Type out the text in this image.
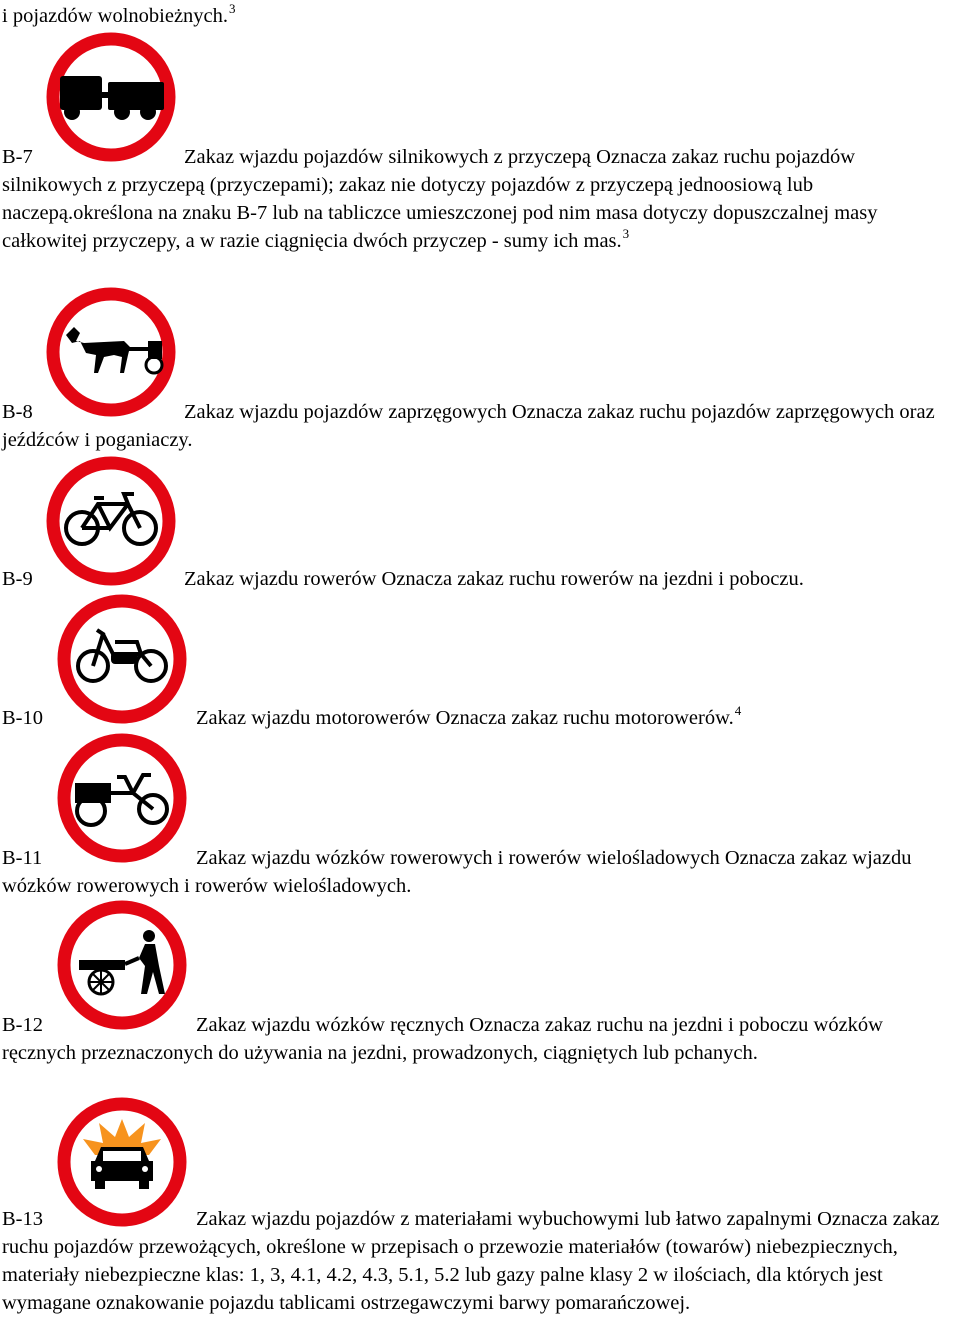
i pojazdów wolnobieżnych.$^3$
B-7	Zakaz wjazdu pojazdów silnikowych z przyczepą Oznacza zakaz ruchu pojazdów silnikowych z przyczepą (przyczepami); zakaz nie dotyczy pojazdów z przyczepą jednoosiową lub naczepą.określona na znaku B-7 lub na tabliczce umieszczonej pod nim masa dotyczy dopuszczalnej masy całkowitej przyczepy, a w razie ciągnięcia dwóch przyczep - sumy ich mas.$^3$
B-8	Zakaz wjazdu pojazdów zaprzęgowych Oznacza zakaz ruchu pojazdów zaprzęgowych oraz jeźdźców i poganiaczy.
B-9	Zakaz wjazdu rowerów Oznacza zakaz ruchu rowerów na jezdni i poboczu.
B-10	Zakaz wjazdu motorowerów Oznacza zakaz ruchu motorowerów.$^4$
B-11	Zakaz wjazdu wózków rowerowych i rowerów wielośladowych Oznacza zakaz wjazdu wózków rowerowych i rowerów wielośladowych.
B-12	Zakaz wjazdu wózków ręcznych Oznacza zakaz ruchu na jezdni i poboczu wózków ręcznych przeznaczonych do używania na jezdni, prowadzonych, ciągniętych lub pchanych.
B-13	Zakaz wjazdu pojazdów z materiałami wybuchowymi lub łatwo zapalnymi Oznacza zakaz ruchu pojazdów przewożących, określone w przepisach o przewozie materiałów (towarów) niebezpiecznych, materiały niebezpieczne klas: 1, 3, 4.1, 4.2, 4.3, 5.1, 5.2 lub gazy palne klasy 2 w ilościach, dla których jest wymagane oznakowanie pojazdu tablicami ostrzegawczymi barwy pomarańczowej.
